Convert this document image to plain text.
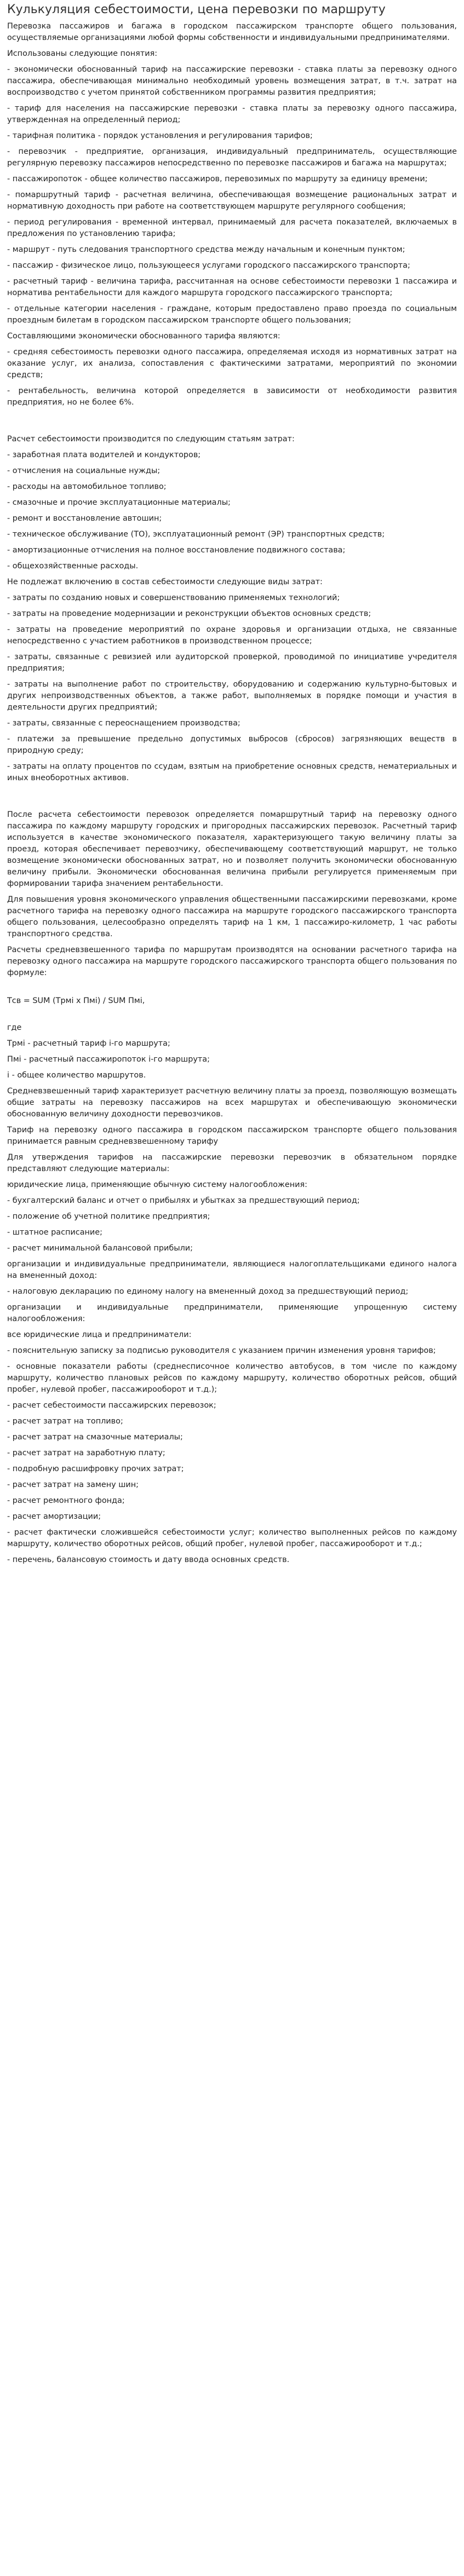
Кулькуляция себестоимости, цена перевозки по маршруту

Перевозка пассажиров и багажа в городском пассажирском транспорте общего пользования, осуществляемые организациями любой формы собственности и индивидуальными предпринимателями.

Использованы следующие понятия:

- экономически обоснованный тариф на пассажирские перевозки - ставка платы за перевозку одного пассажира, обеспечивающая минимально необходимый уровень возмещения затрат, в т.ч. затрат на воспроизводство с учетом принятой собственником программы развития предприятия;

- тариф для населения на пассажирские перевозки - ставка платы за перевозку одного пассажира, утвержденная на определенный период;

- тарифная политика - порядок установления и регулирования тарифов;

- перевозчик - предприятие, организация, индивидуальный предприниматель, осуществляющие регулярную перевозку пассажиров непосредственно по перевозке пассажиров и багажа на маршрутах;

- пассажиропоток - общее количество пассажиров, перевозимых по маршруту за единицу времени;

- помаршрутный тариф - расчетная величина, обеспечивающая возмещение рациональных затрат и нормативную доходность при работе на соответствующем маршруте регулярного сообщения;

- период регулирования - временной интервал, принимаемый для расчета показателей, включаемых в предложения по установлению тарифа;

- маршрут - путь следования транспортного средства между начальным и конечным пунктом;

- пассажир - физическое лицо, пользующееся услугами городского пассажирского транспорта;

- расчетный тариф - величина тарифа, рассчитанная на основе себестоимости перевозки 1 пассажира и норматива рентабельности для каждого маршрута городского пассажирского транспорта;

- отдельные категории населения - граждане, которым предоставлено право проезда по социальным проездным билетам в городском пассажирском транспорте общего пользования;

Составляющими экономически обоснованного тарифа являются:

- средняя себестоимость перевозки одного пассажира, определяемая исходя из нормативных затрат на оказание услуг, их анализа, сопоставления с фактическими затратами, мероприятий по экономии средств;

- рентабельность, величина которой определяется в зависимости от необходимости развития предприятия, но не более 6%.

Расчет себестоимости производится по следующим статьям затрат:

- заработная плата водителей и кондукторов;

- отчисления на социальные нужды;

- расходы на автомобильное топливо;

- смазочные и прочие эксплуатационные материалы;

- ремонт и восстановление автошин;

- техническое обслуживание (ТО), эксплуатационный ремонт (ЭР) транспортных средств;

- амортизационные отчисления на полное восстановление подвижного состава;

- общехозяйственные расходы.

Не подлежат включению в состав себестоимости следующие виды затрат:

- затраты по созданию новых и совершенствованию применяемых технологий;

- затраты на проведение модернизации и реконструкции объектов основных средств;

- затраты на проведение мероприятий по охране здоровья и организации отдыха, не связанные непосредственно с участием работников в производственном процессе;

- затраты, связанные с ревизией или аудиторской проверкой, проводимой по инициативе учредителя предприятия;

- затраты на выполнение работ по строительству, оборудованию и содержанию культурно-бытовых и других непроизводственных объектов, а также работ, выполняемых в порядке помощи и участия в деятельности других предприятий;

- затраты, связанные с переоснащением производства;

- платежи за превышение предельно допустимых выбросов (сбросов) загрязняющих веществ в природную среду;

- затраты на оплату процентов по ссудам, взятым на приобретение основных средств, нематериальных и иных внеоборотных активов.

Поcле расчета себестоимости перевозок определяется помаршрутный тариф на перевозку одного пассажира по каждому маршруту городских и пригородных пассажирских перевозок. Расчетный тариф используется в качестве экономического показателя, характеризующего такую величину платы за проезд, которая обеспечивает перевозчику, обеспечивающему соответствующий маршрут, не только возмещение экономически обоснованных затрат, но и позволяет получить экономически обоснованную величину прибыли. Экономически обоснованная величина прибыли регулируется применяемым при формировании тарифа значением рентабельности.

Для повышения уровня экономического управления общественными пассажирскими перевозками, кроме расчетного тарифа на перевозку одного пассажира на маршруте городского пассажирского транспорта общего пользования, целесообразно определять тариф на 1 км, 1 пассажиро-километр, 1 час работы транспортного средства.

Расчеты средневзвешенного тарифа по маршрутам производятся на основании расчетного тарифа на перевозку одного пассажира на маршруте городского пассажирского транспорта общего пользования по формуле:

Тсв = SUM (Трмi x Пмi) / SUM Пмi,

где

Трмi - расчетный тариф i-го маршрута;

Пмi - расчетный пассажиропоток i-го маршрута;

i - общее количество маршрутов.

Средневзвешенный тариф характеризует расчетную величину платы за проезд, позволяющую возмещать общие затраты на перевозку пассажиров на всех маршрутах и обеспечивающую экономически обоснованную величину доходности перевозчиков.

Тариф на перевозку одного пассажира в городском пассажирском транспорте общего пользования принимается равным средневзвешенному тарифу

Для утверждения тарифов на пассажирские перевозки перевозчик в обязательном порядке представляют следующие материалы:

юридические лица, применяющие обычную систему налогообложения:

- бухгалтерский баланс и отчет о прибылях и убытках за предшествующий период;

- положение об учетной политике предприятия;

- штатное расписание;

- расчет минимальной балансовой прибыли;

организации и индивидуальные предприниматели, являющиеся налогоплательщиками единого налога на вмененный доход:

- налоговую декларацию по единому налогу на вмененный доход за предшествующий период;

организации и индивидуальные предприниматели, применяющие упрощенную систему налогообложения:

все юридические лица и предприниматели:

- пояснительную записку за подписью руководителя с указанием причин изменения уровня тарифов;

- основные показатели работы (среднесписочное количество автобусов, в том числе по каждому маршруту, количество плановых рейсов по каждому маршруту, количество оборотных рейсов, общий пробег, нулевой пробег, пассажирооборот и т.д.);

- расчет себестоимости пассажирских перевозок;

- расчет затрат на топливо;

- расчет затрат на смазочные материалы;

- расчет затрат на заработную плату;

- подробную расшифровку прочих затрат;

- расчет затрат на замену шин;

- расчет ремонтного фонда;

- расчет амортизации;

- расчет фактически сложившейся себестоимости услуг; количество выполненных рейсов по каждому маршруту, количество оборотных рейсов, общий пробег, нулевой пробег, пассажирооборот и т.д.;

- перечень, балансовую стоимость и дату ввода основных средств.
